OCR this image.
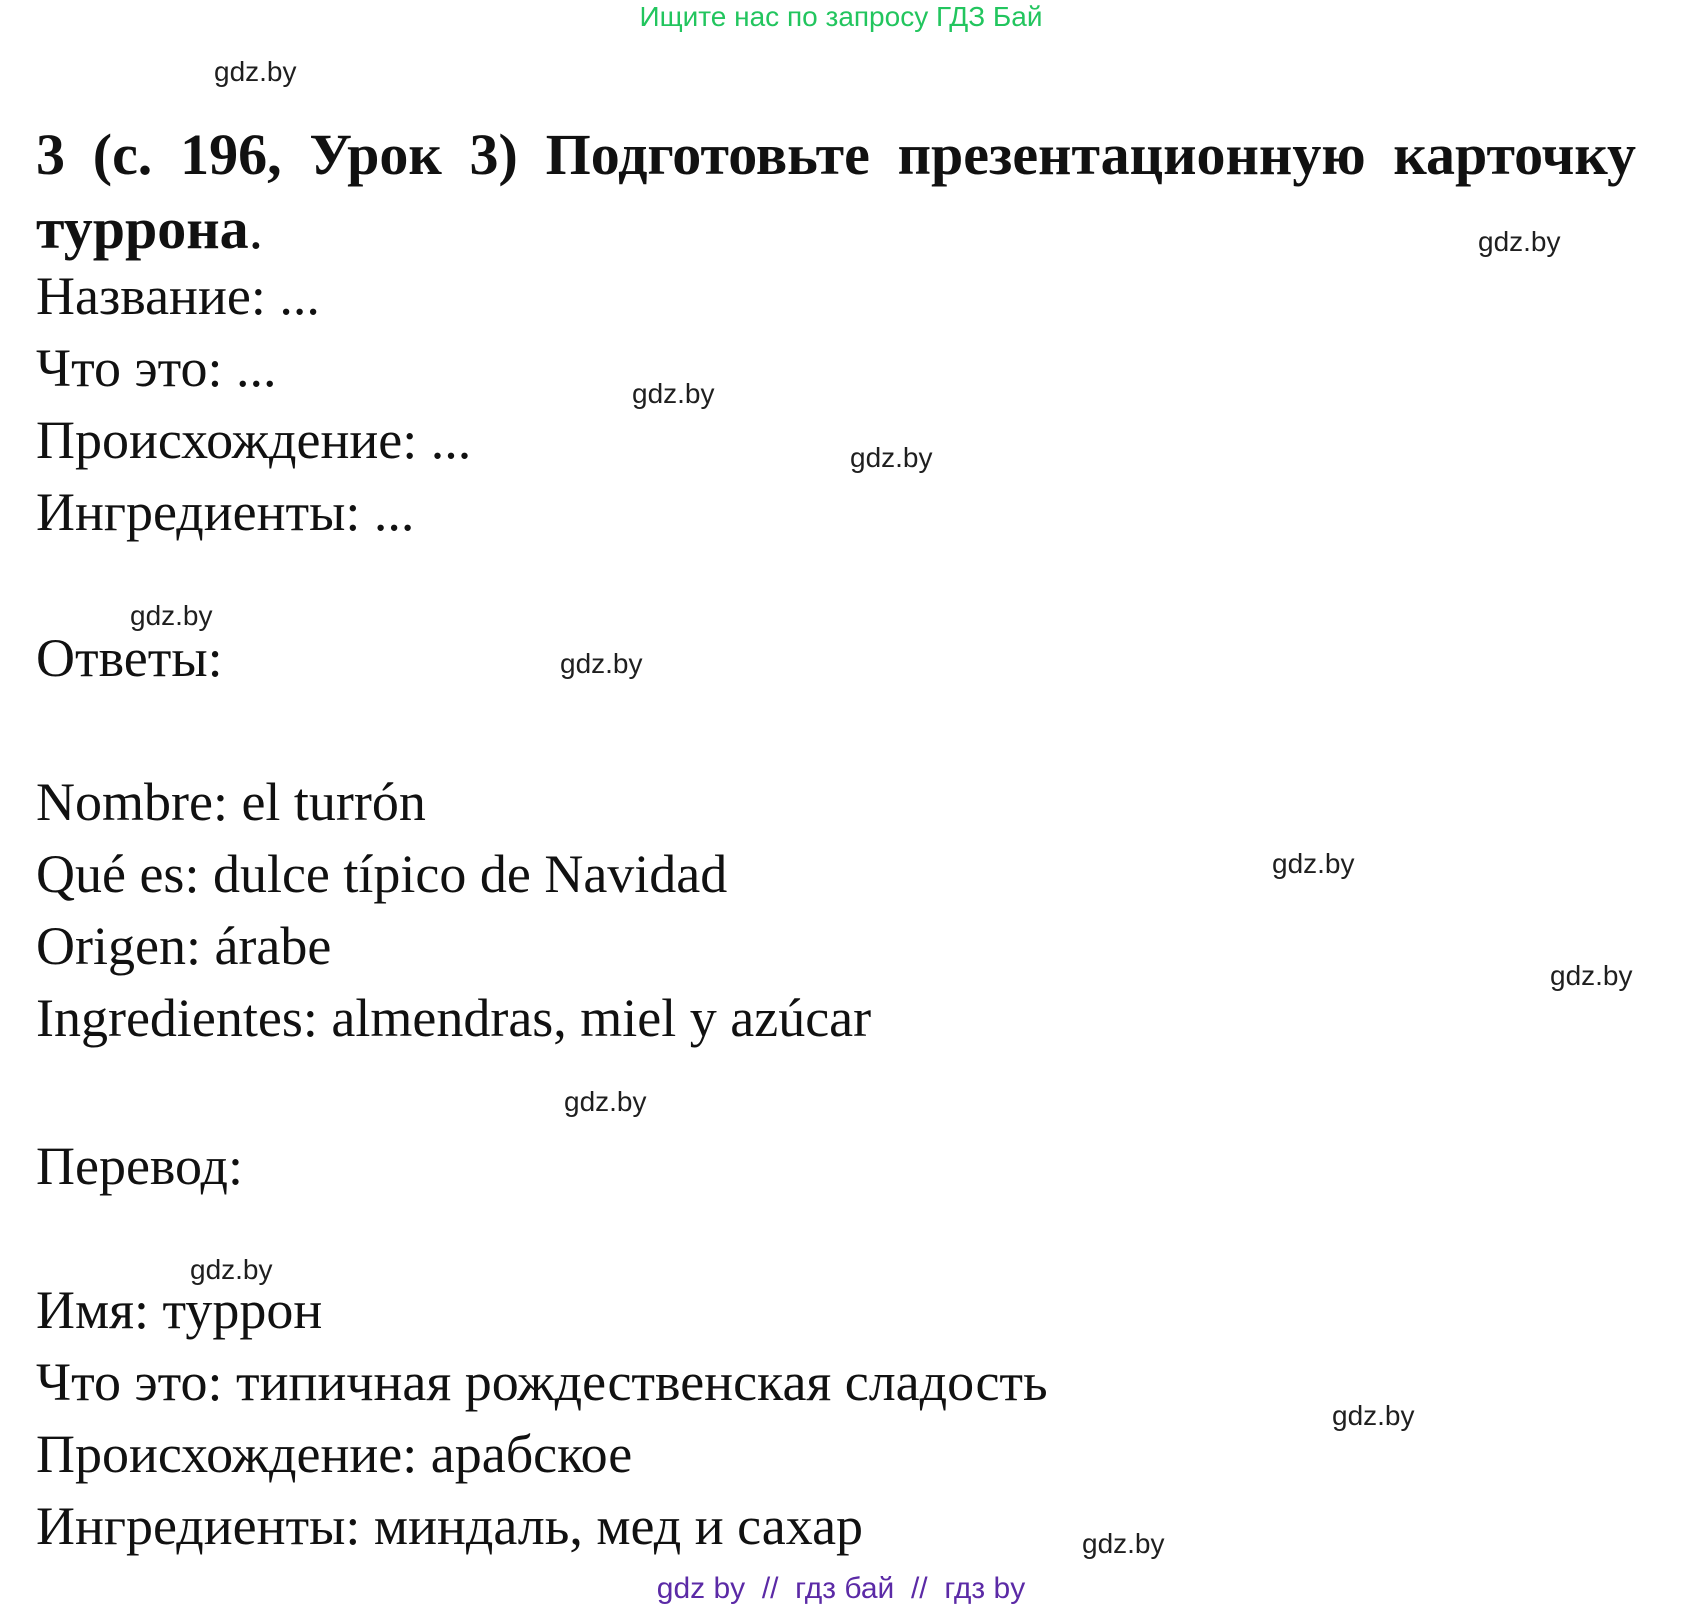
Ищите нас по запросу ГДЗ Бай
gdz.by
gdz.by
gdz.by
gdz.by
gdz.by
gdz.by
gdz.by
gdz.by
gdz.by
gdz.by
gdz.by
gdz.by
3 (с. 196, Урок 3) Подготовьте презентационную карточку туррона.
Название: ...
Что это: ...
Происхождение: ...
Ингредиенты: ...
Ответы:
Nombre: el turrón
Qué es: dulce típico de Navidad
Origen: árabe
Ingredientes: almendras, miel y azúcar
Перевод:
Имя: туррон
Что это: типичная рождественская сладость
Происхождение: арабское
Ингредиенты: миндаль, мед и сахар
gdz by  //  гдз бай  //  гдз by
